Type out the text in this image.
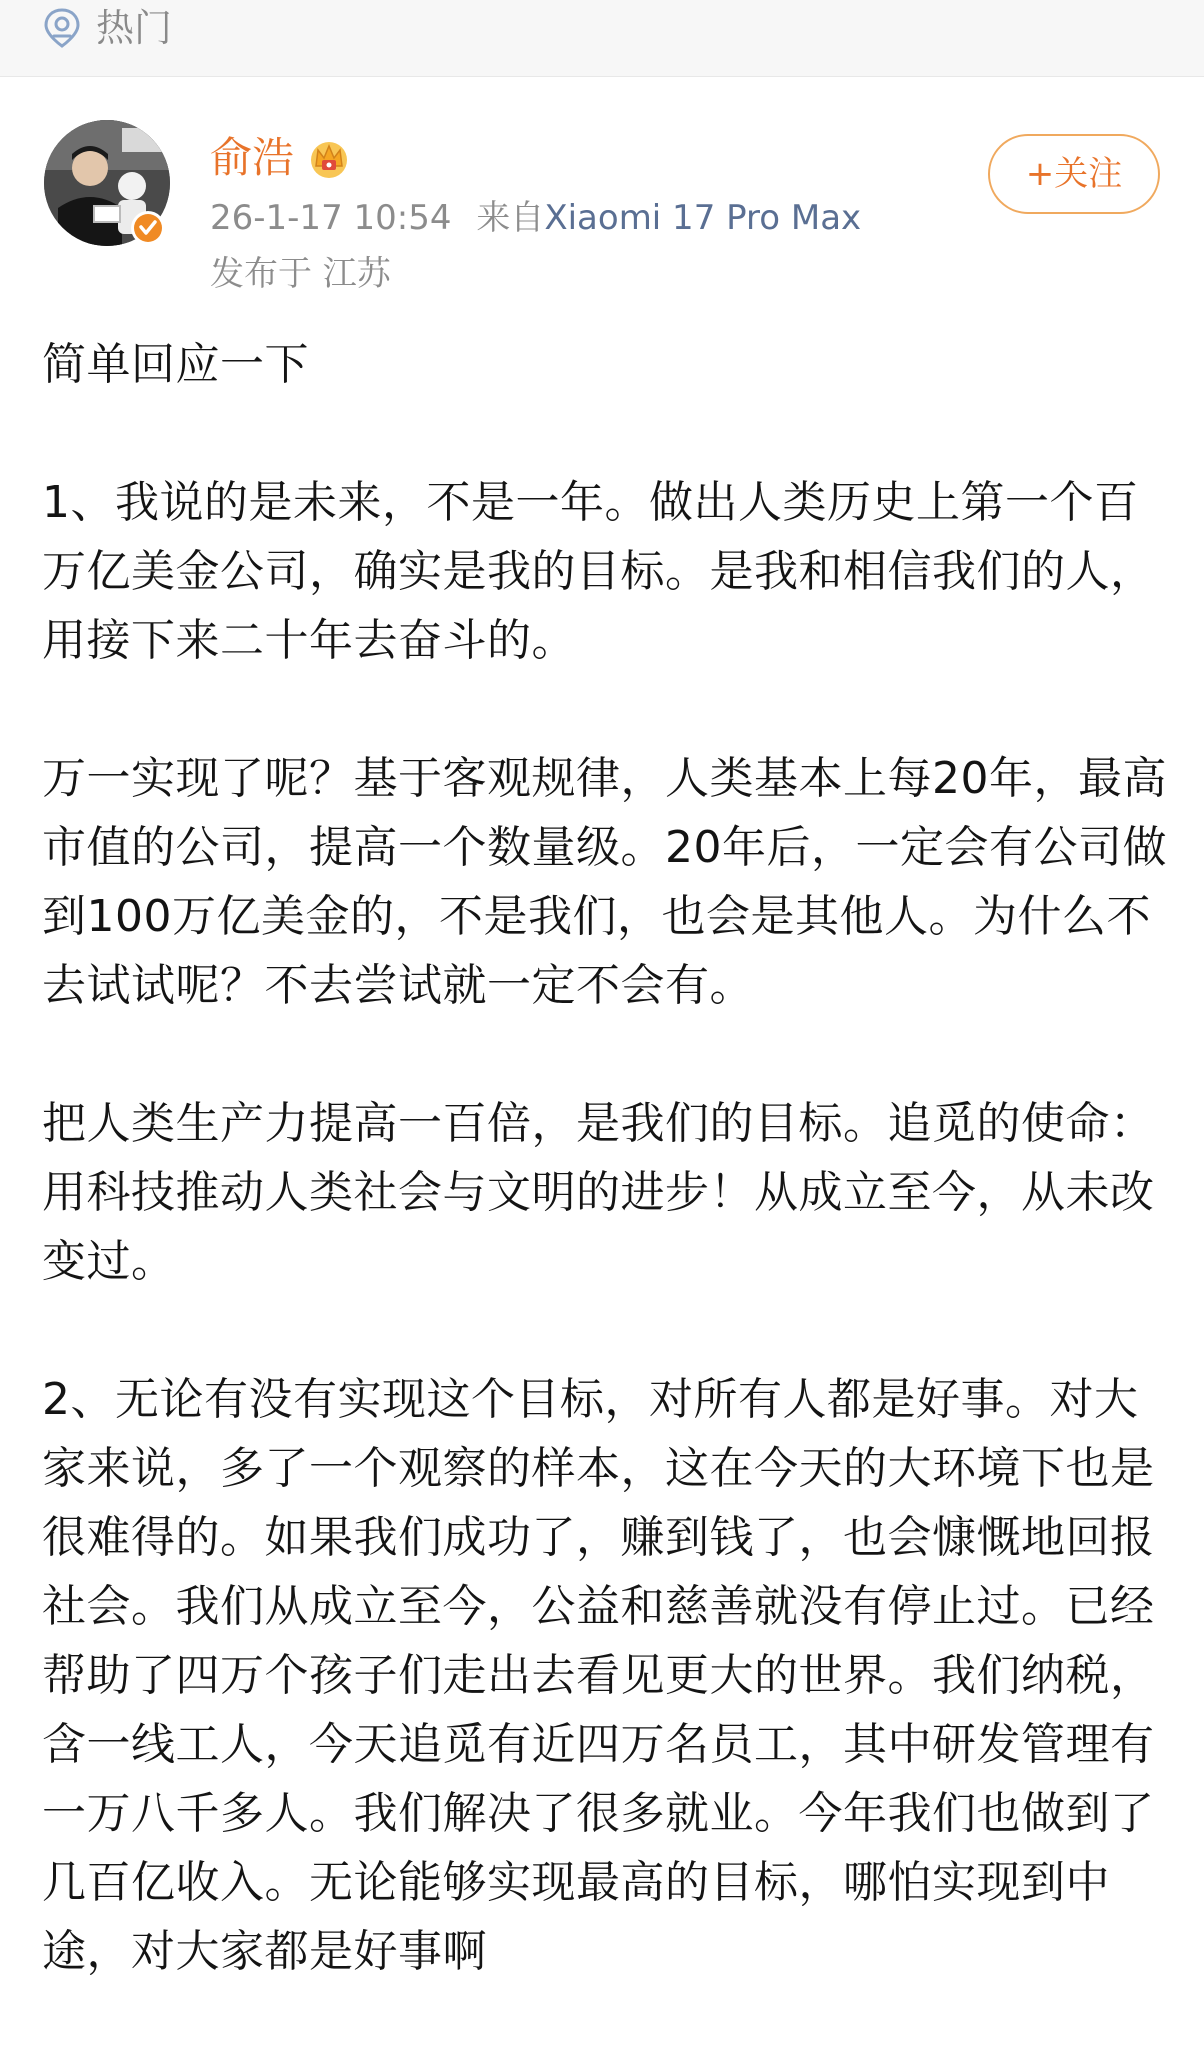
热门
俞浩
26-1-17 10:54 来自Xiaomi 17 Pro Max
发布于 江苏
+关注

简单回应一下

1、我说的是未来，不是一年。做出人类历史上第一个百万亿美金公司，确实是我的目标。是我和相信我们的人，用接下来二十年去奋斗的。

万一实现了呢？基于客观规律，人类基本上每20年，最高市值的公司，提高一个数量级。20年后，一定会有公司做到100万亿美金的，不是我们，也会是其他人。为什么不去试试呢？不去尝试就一定不会有。

把人类生产力提高一百倍，是我们的目标。追觅的使命：用科技推动人类社会与文明的进步！从成立至今，从未改变过。

2、无论有没有实现这个目标，对所有人都是好事。对大家来说，多了一个观察的样本，这在今天的大环境下也是很难得的。如果我们成功了，赚到钱了，也会慷慨地回报社会。我们从成立至今，公益和慈善就没有停止过。已经帮助了四万个孩子们走出去看见更大的世界。我们纳税，含一线工人，今天追觅有近四万名员工，其中研发管理有一万八千多人。我们解决了很多就业。今年我们也做到了几百亿收入。无论能够实现最高的目标，哪怕实现到中途，对大家都是好事啊
